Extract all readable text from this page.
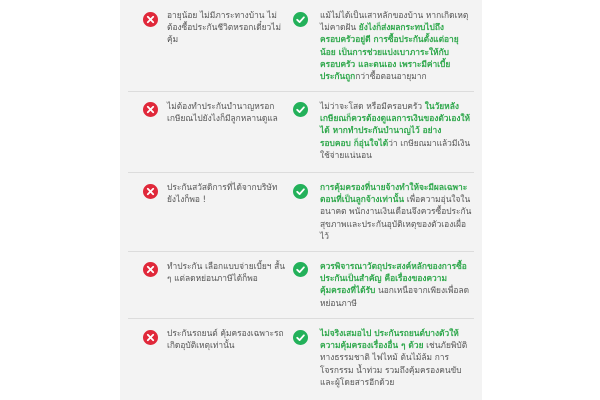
อายุน้อย ไม่มีภาระทางบ้าน ไม่ต้องซื้อประกันชีวิตหรอกเดี๋ยวไม่คุ้ม
แม้ไม่ได้เป็นเสาหลักของบ้าน หากเกิดเหตุไม่คาดฝัน ยังไงก็ส่งผลกระทบไปถึงครอบครัวอยู่ดี การซื้อประกันตั้งแต่อายุน้อย เป็นการช่วยแบ่งเบาภาระให้กับครอบครัว และตนเอง เพราะมีค่าเบี้ยประกันถูกกว่าซื้อตอนอายุมาก
ไม่ต้องทำประกันบำนาญหรอก เกษียณไปยังไงก็มีลูกหลานดูแล
ไม่ว่าจะโสด หรือมีครอบครัว ในวัยหลังเกษียณก็ควรต้องดูแลการเงินของตัวเองให้ได้ หากทำประกันบำนาญไว้ อย่างรอบคอบ ก็อุ่นใจได้ว่า เกษียณมาแล้วมีเงินใช้จ่ายแน่นอน
ประกันสวัสดิการที่ได้จากบริษัท ยังไงก็พอ !
การคุ้มครองที่นายจ้างทำให้จะมีผลเฉพาะตอนที่เป็นลูกจ้างเท่านั้น เพื่อความอุ่นใจในอนาคต พนักงานเงินเดือนจึงควรซื้อประกันสุขภาพและประกันอุบัติเหตุของตัวเองเผื่อไว้
ทำประกัน เลือกแบบจ่ายเบี้ยฯ สั้น ๆ แต่ลดหย่อนภาษีได้ก็พอ
ควรพิจารณาวัตถุประสงค์หลักของการซื้อประกันเป็นสำคัญ คือเรื่องของความคุ้มครองที่ได้รับ นอกเหนือจากเพียงเพื่อลดหย่อนภาษี
ประกันรถยนต์ คุ้มครองเฉพาะรถเกิดอุบัติเหตุเท่านั้น
ไม่จริงเสมอไป ประกันรถยนต์บางตัวให้ความคุ้มครองเรื่องอื่น ๆ ด้วย เช่นภัยพิบัติทางธรรมชาติ ไฟไหม้ ต้นไม้ล้ม การโจรกรรม น้ำท่วม รวมถึงคุ้มครองคนขับ และผู้โดยสารอีกด้วย
